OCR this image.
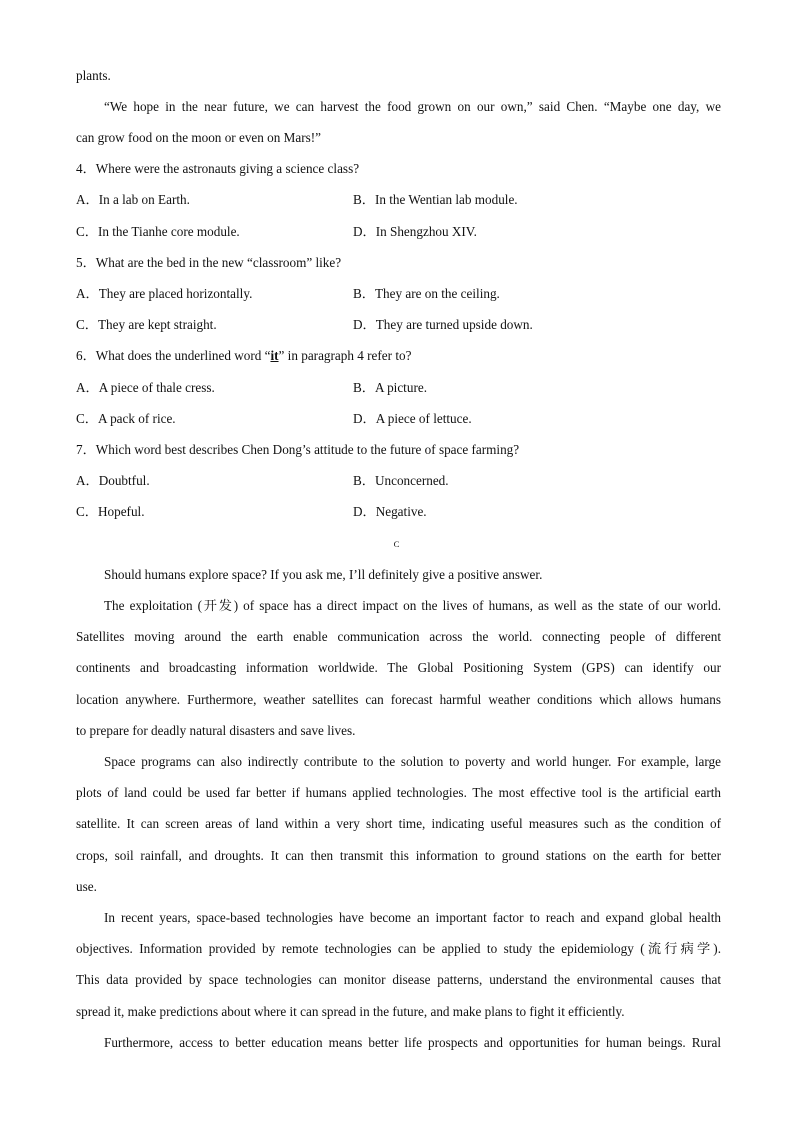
plants.
“We hope in the near future, we can harvest the food grown on our own,” said Chen. “Maybe one day, we
can grow food on the moon or even on Mars!”
4．Where were the astronauts giving a science class?
A．In a lab on Earth.	B．In the Wentian lab module.
C．In the Tianhe core module.	D．In Shengzhou XIV.
5．What are the bed in the new “classroom” like?
A．They are placed horizontally.	B．They are on the ceiling.
C．They are kept straight.	D．They are turned upside down.
6．What does the underlined word “it” in paragraph 4 refer to?
A．A piece of thale cress.	B．A picture.
C．A pack of rice.	D．A piece of lettuce.
7．Which word best describes Chen Dong’s attitude to the future of space farming?
A．Doubtful.	B．Unconcerned.
C．Hopeful.	D．Negative.
C
Should humans explore space? If you ask me, I’ll definitely give a positive answer.
The exploitation (开发) of space has a direct impact on the lives of humans, as well as the state of our world.
Satellites moving around the earth enable communication across the world. connecting people of different
continents and broadcasting information worldwide. The Global Positioning System (GPS) can identify our
location anywhere. Furthermore, weather satellites can forecast harmful weather conditions which allows humans
to prepare for deadly natural disasters and save lives.
Space programs can also indirectly contribute to the solution to poverty and world hunger. For example, large
plots of land could be used far better if humans applied technologies. The most effective tool is the artificial earth
satellite. It can screen areas of land within a very short time, indicating useful measures such as the condition of
crops, soil rainfall, and droughts. It can then transmit this information to ground stations on the earth for better
use.
In recent years, space-based technologies have become an important factor to reach and expand global health
objectives. Information provided by remote technologies can be applied to study the epidemiology (流行病学).
This data provided by space technologies can monitor disease patterns, understand the environmental causes that
spread it, make predictions about where it can spread in the future, and make plans to fight it efficiently.
Furthermore, access to better education means better life prospects and opportunities for human beings. Rural
